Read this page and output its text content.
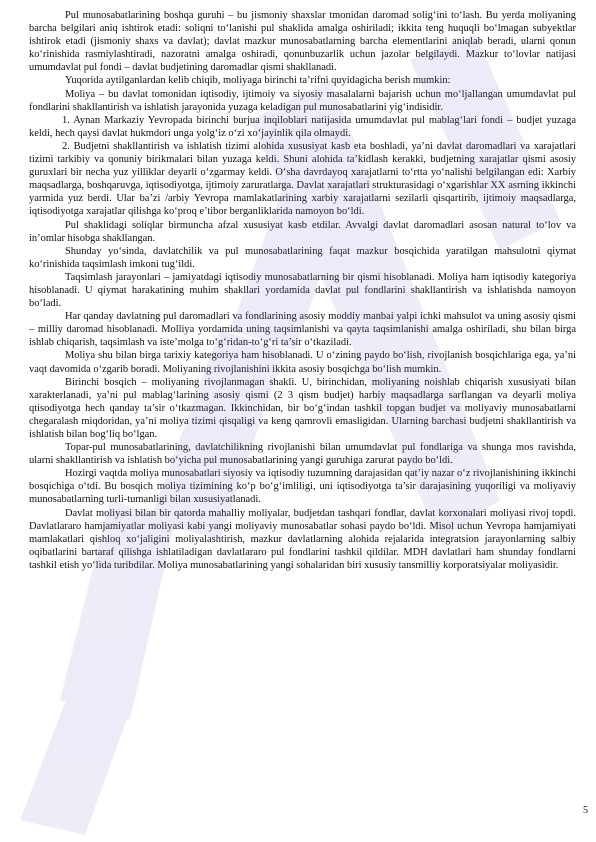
Pul munosabatlarining boshqa guruhi – bu jismoniy shaxslar tmonidan daromad solig‘ini to‘lash. Bu yerda moliyaning barcha belgilari aniq ishtirok etadi: soliqni to‘lanishi pul shaklida amalga oshiriladi; ikkita teng huquqli bo‘lmagan subyektlar ishtirok etadi (jismoniy shaxs va davlat); davlat mazkur munosabatlarning barcha elementlarini aniqlab beradi, ularni qonun ko‘rinishida rasmiylashtiradi, nazoratni amalga oshiradi, qonunbuzarlik uchun jazolar belgilaydi. Mazkur to‘lovlar natijasi umumdavlat pul fondi – davlat budjetining daromadlar qismi shakllanadi.

Yuqorida aytilganlardan kelib chiqib, moliyaga birinchi ta’rifni quyidagicha berish mumkin:

Moliya – bu davlat tomonidan iqtisodiy, ijtimoiy va siyosiy masalalarni bajarish uchun mo‘ljallangan umumdavlat pul fondlarini shakllantirish va ishlatish jarayonida yuzaga keladigan pul munosabatlarini yig‘indisidir.

1. Aynan Markaziy Yevropada birinchi burjua inqiloblari natijasida umumdavlat pul mablag‘lari fondi – budjet yuzaga keldi, hech qaysi davlat hukmdori unga yolg‘iz o‘zi xo‘jayinlik qila olmaydi.

2. Budjetni shakllantirish va ishlatish tizimi alohida xususiyat kasb eta boshladi, ya’ni davlat daromadlari va xarajatlari tizimi tarkibiy va qonuniy birikmalari bilan yuzaga keldi. Shuni alohida ta’kidlash kerakki, budjetning xarajatlar qismi asosiy guruxlari bir necha yuz yilliklar deyarli o‘zgarmay keldi. O‘sha davrdayoq xarajatlarni to‘rtta yo‘nalishi belgilangan edi: Xarbiy maqsadlarga, boshqaruvga, iqtisodiyotga, ijtimoiy zaruratlarga. Davlat xarajatlari strukturasidagi o‘xgarishlar XX asrning ikkinchi yarmida yuz berdi. Ular ba’zi /arbiy Yevropa mamlakatlarining xarbiy xarajatlarni sezilarli qisqartirib, ijtimoiy maqsadlarga, iqtisodiyotga xarajatlar qilishga ko‘proq e’tibor berganliklarida namoyon bo‘ldi.

Pul shaklidagi soliqlar birmuncha afzal xususiyat kasb etdilar. Avvalgi davlat daromadlari asosan natural to‘lov va in’omlar hisobga shakllangan.

Shunday yo‘sinda, davlatchilik va pul munosabatlarining faqat mazkur bosqichida yaratilgan mahsulotni qiymat ko‘rinishida taqsimlash imkoni tug‘ildi.

Taqsimlash jarayonlari – jamiyatdagi iqtisodiy munosabatlarning bir qismi hisoblanadi. Moliya ham iqtisodiy kategoriya hisoblanadi. U qiymat harakatining muhim shakllari yordamida davlat pul fondlarini shakllantirish va ishlatishda namoyon bo‘ladi.

Har qanday davlatning pul daromadlari va fondlarining asosiy moddiy manbai yalpi ichki mahsulot va uning asosiy qismi – milliy daromad hisoblanadi. Molliya yordamida uning taqsimlanishi va qayta taqsimlanishi amalga oshiriladi, shu bilan birga ishlab chiqarish, taqsimlash va iste’molga to‘g‘ridan-to‘g‘ri ta’sir o‘tkaziladi.

Moliya shu bilan birga tarixiy kategoriya ham hisoblanadi. U o‘zining paydo bo‘lish, rivojlanish bosqichlariga ega, ya’ni vaqt davomida o‘zgarib boradi. Moliyaning rivojlanishini ikkita asosiy bosqichga bo‘lish mumkin.

Birinchi bosqich – moliyaning rivojlanmagan shakli. U, birinchidan, moliyaning noishlab chiqarish xususiyati bilan xarakterlanadi, ya’ni pul mablag‘larining asosiy qismi (2 3 qism budjet) harbiy maqsadlarga sarflangan va deyarli moliya qtisodiyotga hech qanday ta’sir o‘tkazmagan. Ikkinchidan, bir bo‘g‘indan tashkil topgan budjet va moliyaviy munosabatlarni chegaralash miqdoridan, ya’ni moliya tizimi qisqaligi va keng qamrovli emasligidan. Ularning barchasi budjetni shakllantirish va ishlatish bilan bog‘liq bo‘lgan.

Topar-pul munosabatlarining, davlatchilikning rivojlanishi bilan umumdavlat pul fondlariga va shunga mos ravishda, ularni shakllantirish va ishlatish bo‘yicha pul munosabatlarining yangi guruhiga zarurat paydo bo‘ldi.

Hozirgi vaqtda moliya munosabatlari siyosiy va iqtisodiy tuzumning darajasidan qat’iy nazar o‘z rivojlanishining ikkinchi bosqichiga o‘tdi. Bu bosqich moliya tizimining ko‘p bo‘g‘imliligi, uni iqtisodiyotga ta’sir darajasining yuqoriligi va moliyaviy munosabatlarning turli-tumanligi bilan xususiyatlanadi.

Davlat moliyasi bilan bir qatorda mahalliy moliyalar, budjetdan tashqari fondlar, davlat korxonalari moliyasi rivoj topdi. Davlatlararo hamjamiyatlar moliyasi kabi yangi moliyaviy munosabatlar sohasi paydo bo‘ldi. Misol uchun Yevropa hamjamiyati mamlakatlari qishloq xo‘jaligini moliyalashtirish, mazkur davlatlarning alohida rejalarida integratsion jarayonlarning salbiy oqibatlarini bartaraf qilishga ishlatiladigan davlatlararo pul fondlarini tashkil qildilar. MDH davlatlari ham shunday fondlarni tashkil etish yo‘lida turibdilar. Moliya munosabatlarining yangi sohalaridan biri xususiy tansmilliy korporatsiyalar moliyasidir.

5
